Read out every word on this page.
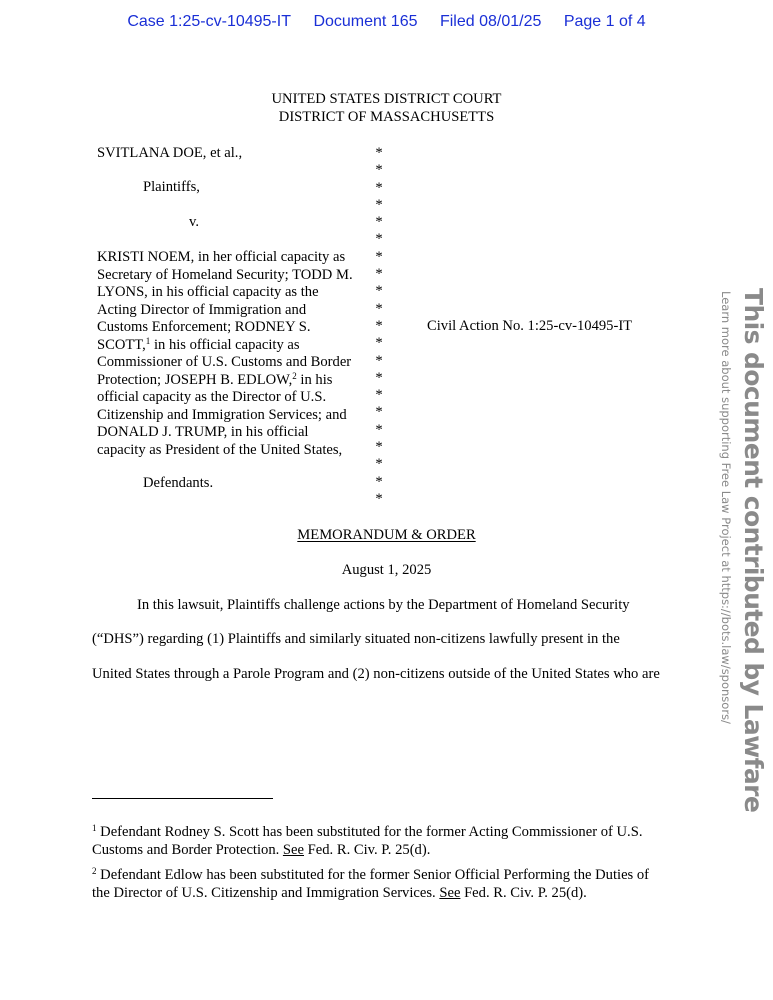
Case 1:25-cv-10495-IT Document 165 Filed 08/01/25 Page 1 of 4
UNITED STATES DISTRICT COURT
DISTRICT OF MASSACHUSETTS
SVITLANA DOE, et al.,
Plaintiffs,
v.
KRISTI NOEM, in her official capacity as
Secretary of Homeland Security; TODD M.
LYONS, in his official capacity as the
Acting Director of Immigration and
Customs Enforcement; RODNEY S.
SCOTT,$^1$ in his official capacity as
Commissioner of U.S. Customs and Border
Protection; JOSEPH B. EDLOW,$^2$ in his
official capacity as the Director of U.S.
Citizenship and Immigration Services; and
DONALD J. TRUMP, in his official
capacity as President of the United States,
Defendants.
*
*
*
*
*
*
*
*
*
*
*
*
*
*
*
*
*
*
*
*
*
Civil Action No. 1:25-cv-10495-IT
MEMORANDUM & ORDER
August 1, 2025
In this lawsuit, Plaintiffs challenge actions by the Department of Homeland Security
(“DHS”) regarding (1) Plaintiffs and similarly situated non-citizens lawfully present in the
United States through a Parole Program and (2) non-citizens outside of the United States who are
$^1$ Defendant Rodney S. Scott has been substituted for the former Acting Commissioner of U.S.
Customs and Border Protection. See Fed. R. Civ. P. 25(d).
$^2$ Defendant Edlow has been substituted for the former Senior Official Performing the Duties of
the Director of U.S. Citizenship and Immigration Services. See Fed. R. Civ. P. 25(d).
This document contributed by Lawfare
Learn more about supporting Free Law Project at https://bots.law/sponsors/
